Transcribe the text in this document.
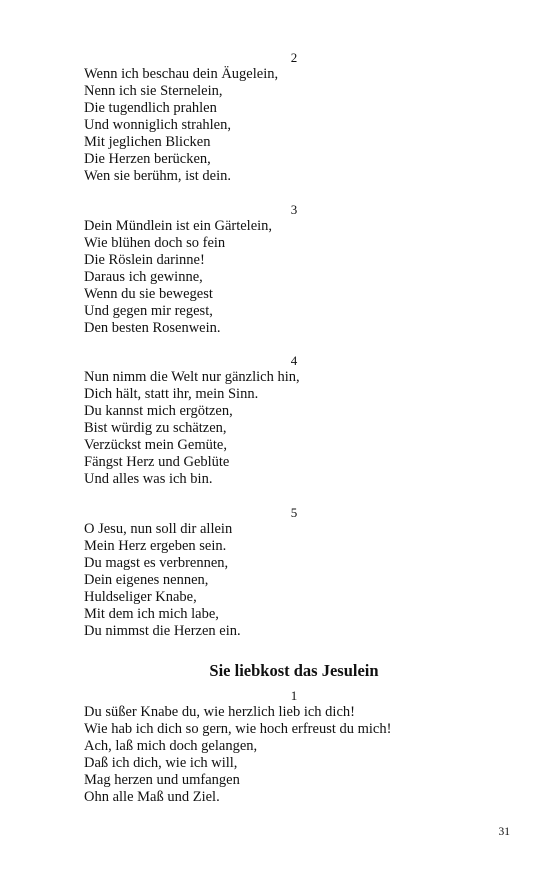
2
Wenn ich beschau dein Äugelein,
Nenn ich sie Sternelein,
Die tugendlich prahlen
Und wonniglich strahlen,
Mit jeglichen Blicken
Die Herzen berücken,
Wen sie berühm, ist dein.
3
Dein Mündlein ist ein Gärtelein,
Wie blühen doch so fein
Die Röslein darinne!
Daraus ich gewinne,
Wenn du sie bewegest
Und gegen mir regest,
Den besten Rosenwein.
4
Nun nimm die Welt nur gänzlich hin,
Dich hält, statt ihr, mein Sinn.
Du kannst mich ergötzen,
Bist würdig zu schätzen,
Verzückst mein Gemüte,
Fängst Herz und Geblüte
Und alles was ich bin.
5
O Jesu, nun soll dir allein
Mein Herz ergeben sein.
Du magst es verbrennen,
Dein eigenes nennen,
Huldseliger Knabe,
Mit dem ich mich labe,
Du nimmst die Herzen ein.
Sie liebkost das Jesulein
1
Du süßer Knabe du, wie herzlich lieb ich dich!
Wie hab ich dich so gern, wie hoch erfreust du mich!
Ach, laß mich doch gelangen,
Daß ich dich, wie ich will,
Mag herzen und umfangen
Ohn alle Maß und Ziel.
31
